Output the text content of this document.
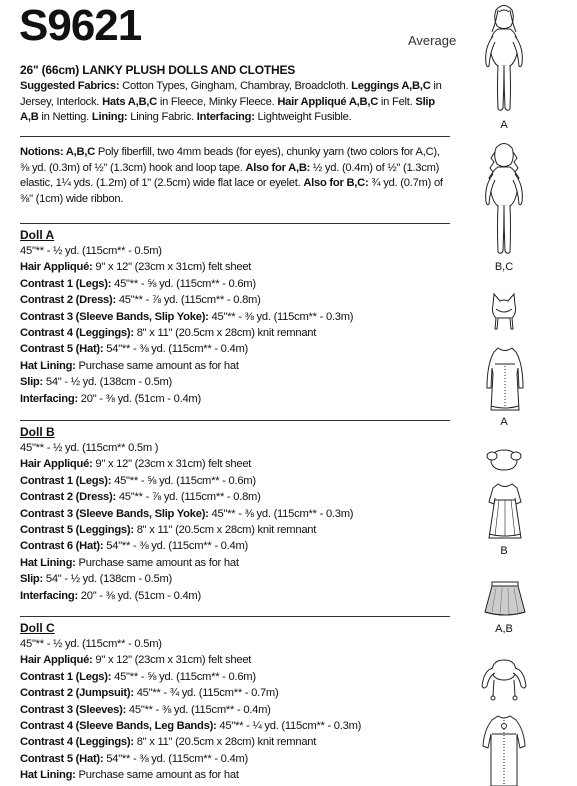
S9621	Average
26" (66cm) LANKY PLUSH DOLLS AND CLOTHES
Suggested Fabrics: Cotton Types, Gingham, Chambray, Broadcloth. Leggings A,B,C in Jersey, Interlock. Hats A,B,C in Fleece, Minky Fleece. Hair Appliqué A,B,C in Felt. Slip A,B in Netting. Lining: Lining Fabric. Interfacing: Lightweight Fusible.
Notions: A,B,C Poly fiberfill, two 4mm beads (for eyes), chunky yarn (two colors for A,C), ⅜ yd. (0.3m) of ½" (1.3cm) hook and loop tape. Also for A,B: ½ yd. (0.4m) of ½" (1.3cm) elastic, 1¼ yds. (1.2m) of 1" (2.5cm) wide flat lace or eyelet. Also for B,C: ¾ yd. (0.7m) of ⅜" (1cm) wide ribbon.
Doll A
45"** - ½ yd. (115cm** - 0.5m)
Hair Appliqué: 9" x 12" (23cm x 31cm) felt sheet
Contrast 1 (Legs): 45"** - ⅝ yd. (115cm** - 0.6m)
Contrast 2 (Dress): 45"** - ⅞ yd. (115cm** - 0.8m)
Contrast 3 (Sleeve Bands, Slip Yoke): 45"** - ⅜ yd. (115cm** - 0.3m)
Contrast 4 (Leggings): 8" x 11" (20.5cm x 28cm) knit remnant
Contrast 5 (Hat): 54"** - ⅜ yd. (115cm** - 0.4m)
Hat Lining: Purchase same amount as for hat
Slip: 54" - ½ yd. (138cm - 0.5m)
Interfacing: 20" - ⅜ yd. (51cm - 0.4m)
Doll B
45"** - ½ yd. (115cm** 0.5m )
Hair Appliqué: 9" x 12" (23cm x 31cm) felt sheet
Contrast 1 (Legs): 45"** - ⅝ yd. (115cm** - 0.6m)
Contrast 2 (Dress): 45"** - ⅞ yd. (115cm** - 0.8m)
Contrast 3 (Sleeve Bands, Slip Yoke): 45"** - ⅜ yd. (115cm** - 0.3m)
Contrast 5 (Leggings): 8" x 11" (20.5cm x 28cm) knit remnant
Contrast 6 (Hat): 54"** - ⅜ yd. (115cm** - 0.4m)
Hat Lining: Purchase same amount as for hat
Slip: 54" - ½ yd. (138cm - 0.5m)
Interfacing: 20" - ⅜ yd. (51cm - 0.4m)
Doll C
45"** - ½ yd. (115cm** - 0.5m)
Hair Appliqué: 9" x 12" (23cm x 31cm) felt sheet
Contrast 1 (Legs): 45"** - ⅝ yd. (115cm** - 0.6m)
Contrast 2 (Jumpsuit): 45"** - ¾ yd. (115cm** - 0.7m)
Contrast 3 (Sleeves): 45"** - ⅜ yd. (115cm** - 0.4m)
Contrast 4 (Sleeve Bands, Leg Bands): 45"** - ¼ yd. (115cm** - 0.3m)
Contrast 4 (Leggings): 8" x 11" (20.5cm x 28cm) knit remnant
Contrast 5 (Hat): 54"** - ⅜ yd. (115cm** - 0.4m)
Hat Lining: Purchase same amount as for hat
A
B,C
A
B
A,B
